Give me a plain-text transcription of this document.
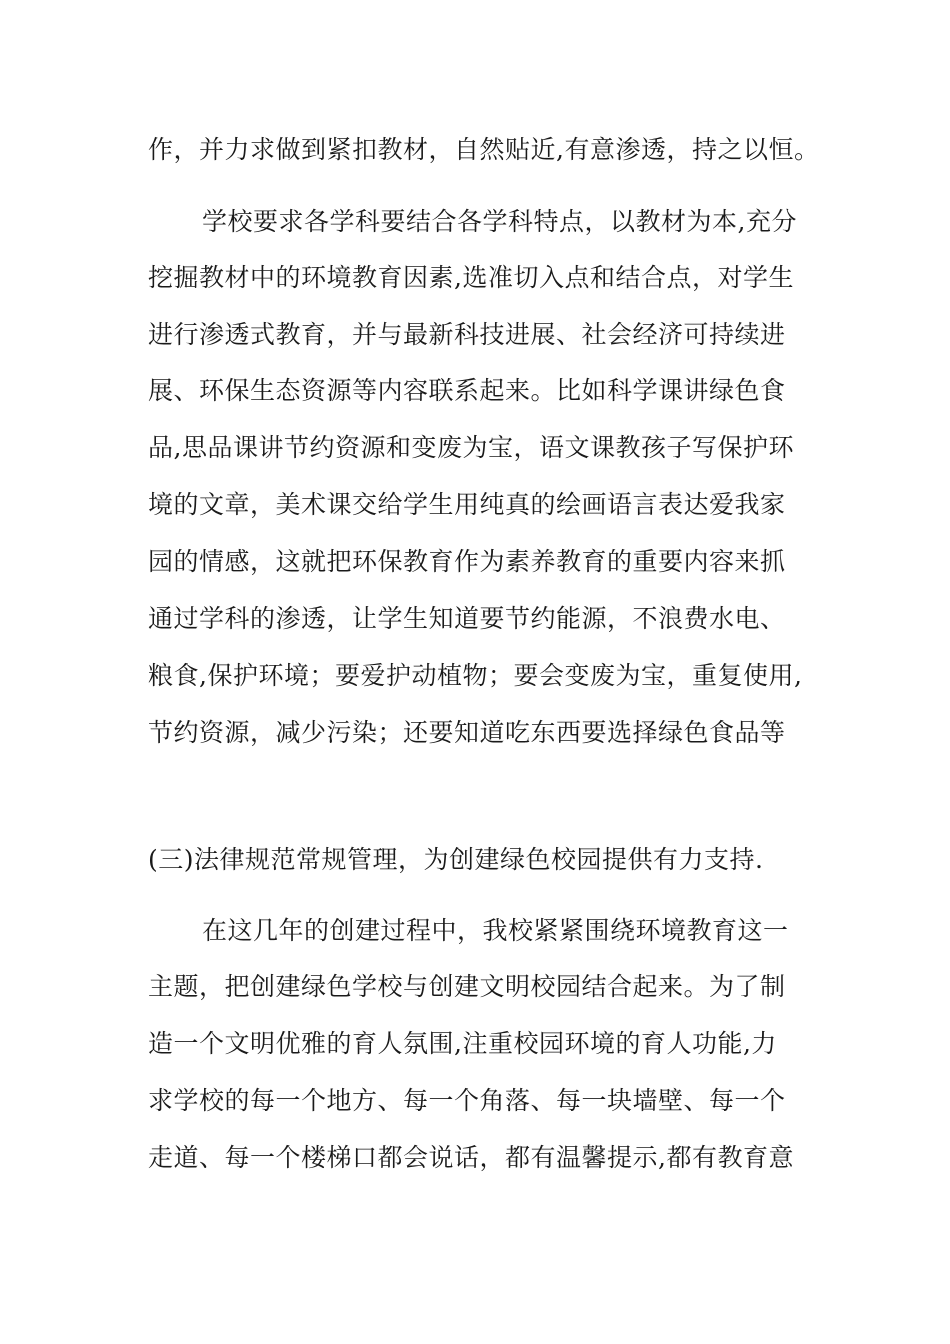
作，并力求做到紧扣教材，自然贴近,有意渗透，持之以恒。
学校要求各学科要结合各学科特点，以教材为本,充分
挖掘教材中的环境教育因素,选准切入点和结合点，对学生
进行渗透式教育，并与最新科技进展、社会经济可持续进
展、环保生态资源等内容联系起来。比如科学课讲绿色食
品,思品课讲节约资源和变废为宝，语文课教孩子写保护环
境的文章，美术课交给学生用纯真的绘画语言表达爱我家
园的情感，这就把环保教育作为素养教育的重要内容来抓
通过学科的渗透，让学生知道要节约能源，不浪费水电、
粮食,保护环境；要爱护动植物；要会变废为宝，重复使用,
节约资源，减少污染；还要知道吃东西要选择绿色食品等
(三)法律规范常规管理，为创建绿色校园提供有力支持.
在这几年的创建过程中，我校紧紧围绕环境教育这一
主题，把创建绿色学校与创建文明校园结合起来。为了制
造一个文明优雅的育人氛围,注重校园环境的育人功能,力
求学校的每一个地方、每一个角落、每一块墙壁、每一个
走道、每一个楼梯口都会说话，都有温馨提示,都有教育意
